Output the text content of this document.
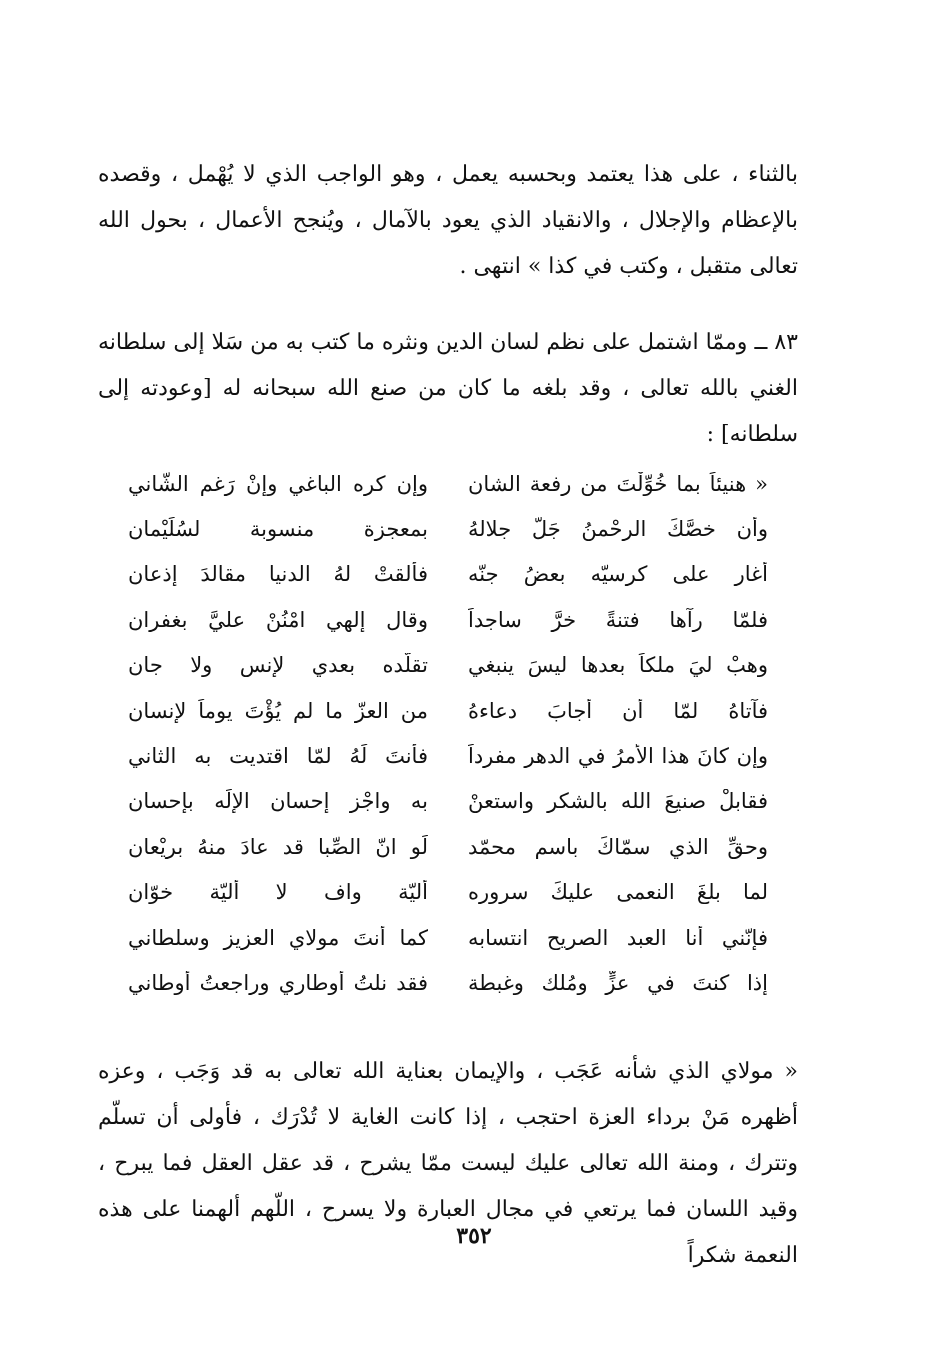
بالثناء ، على هذا يعتمد وبحسبه يعمل ، وهو الواجب الذي لا يُهْمل ، وقصده بالإعظام والإجلال ، والانقياد الذي يعود بالآمال ، ويُنجح الأعمال ، بحول الله تعالى متقبل ، وكتب في كذا » انتهى .

٨٣ ــ وممّا اشتمل على نظم لسان الدين ونثره ما كتب به من سَلا إلى سلطانه الغني بالله تعالى ، وقد بلغه ما كان من صنع الله سبحانه له [وعودته إلى سلطانه] :

« هنيئاً بما خُوِّلْتَ من رفعة الشان
وإن كره الباغي وإنْ رَغم الشّاني
وأن خصَّكَ الرحْمنُ جَلَّ جلالهُ
بمعجزة منسوبة لسُلَيْمان
أغار على كرسيّه بعضُ جنّه
فألقتْ لهُ الدنيا مقالدَ إذعان
فلمّا رآها فتنةً خرَّ ساجداً
وقال إلهي امْنُنْ عليَّ بغفران
وهبْ ليَ ملكاً بعدها ليسَ ينبغي
تقلّده بعدي لإنس ولا جان
فآتاهُ لمّا أن أجابَ دعاءهُ
من العزّ ما لم يُؤْتَ يوماً لإنسان
وإن كانَ هذا الأمرُ في الدهر مفرداً
فأنتَ لَهُ لمّا اقتديت به الثاني
فقابلْ صنيعَ الله بالشكر واستعنْ
به واجْزِ إحسان الإلَه بإحسان
وحقِّ الذي سمّاكَ باسم محمّد
لَو انّ الصِّبا قد عادَ منهُ بريْعان
لما بلغَ النعمى عليكَ سروره
أليّة واف لا أليّة خوّان
فإنّني أنا العبد الصريح انتسابه
كما أنتَ مولاي العزيز وسلطاني
إذا كنتَ في عزٍّ ومُلك وغبطة
فقد نلتُ أوطاري وراجعتُ أوطاني

« مولاي الذي شأنه عَجَب ، والإيمان بعناية الله تعالى به قد وَجَب ، وعزه أظهره مَنْ برداء العزة احتجب ، إذا كانت الغاية لا تُدْرَك ، فأولى أن تسلّم وتترك ، ومنة الله تعالى عليك ليست ممّا يشرح ، قد عقل العقل فما يبرح ، وقيد اللسان فما يرتعي في مجال العبارة ولا يسرح ، اللّهم ألهمنا على هذه النعمة شكراً

٣٥٢
